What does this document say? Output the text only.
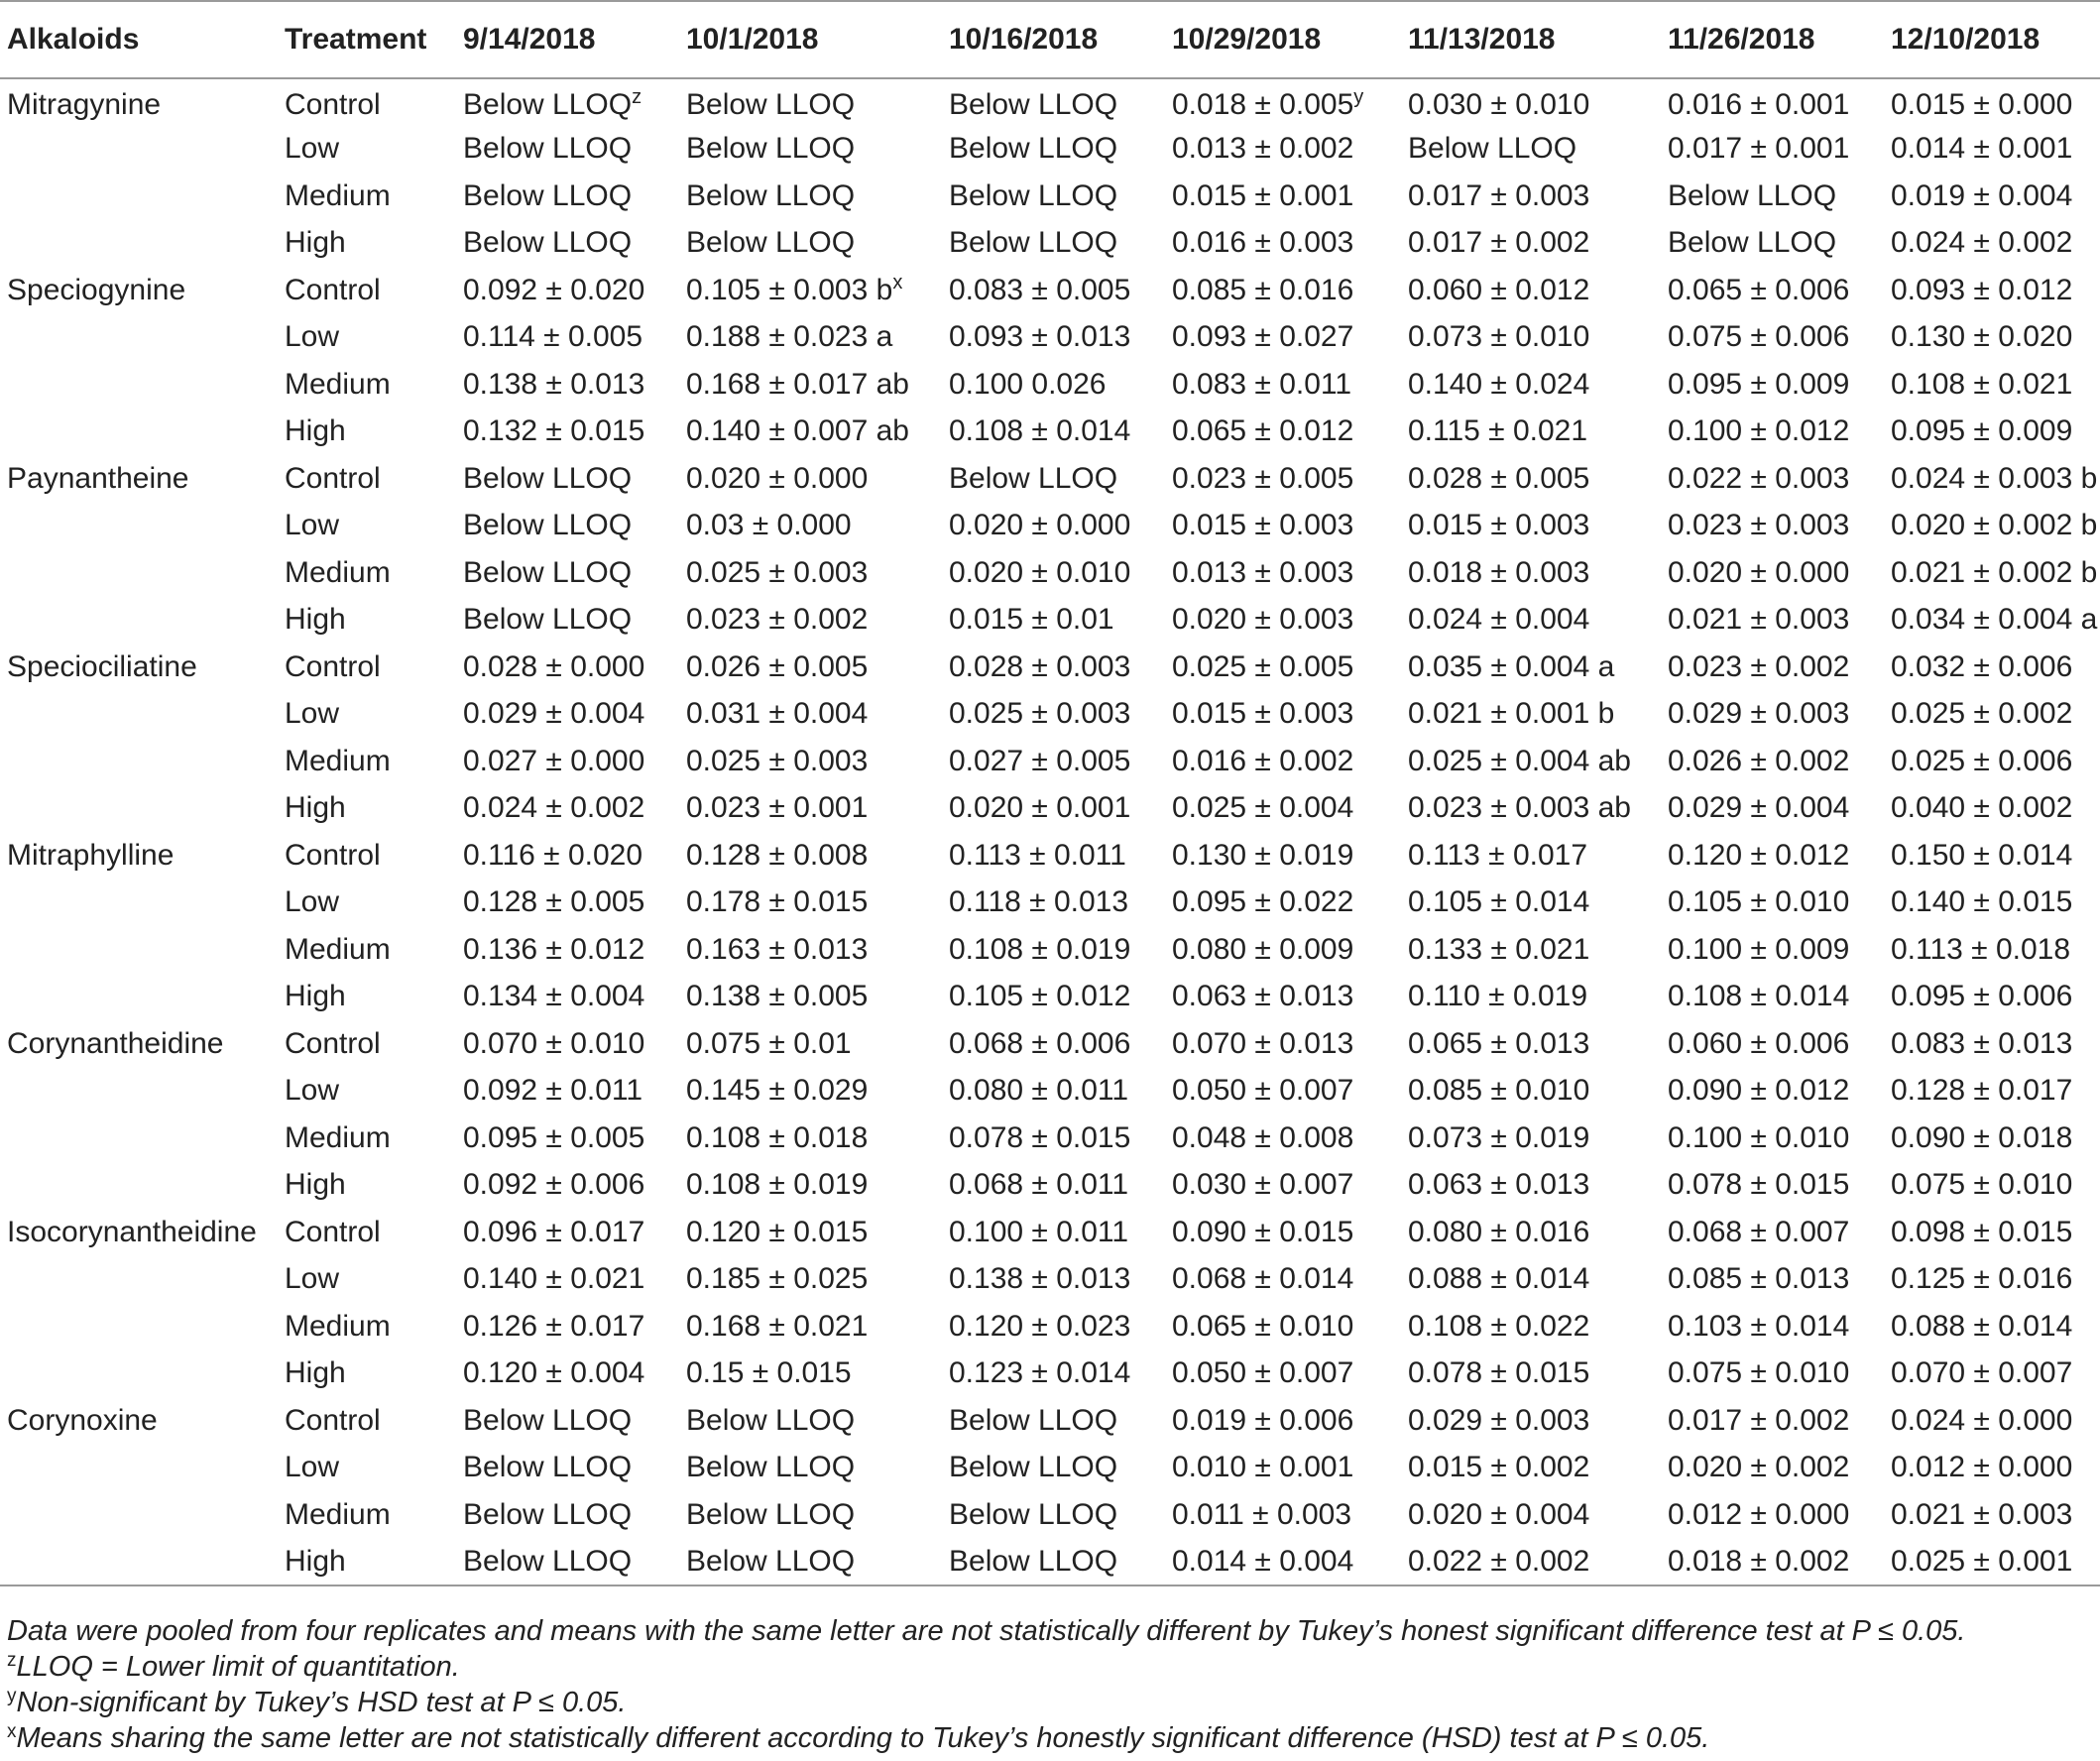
Alkaloids	Treatment	9/14/2018	10/1/2018	10/16/2018	10/29/2018	11/13/2018	11/26/2018	12/10/2018
Mitragynine	Control	Below LLOQ$^z$	Below LLOQ	Below LLOQ	$0.018 \pm 0.005^y$	0.030 ± 0.010	0.016 ± 0.001	0.015 ± 0.000
	Low	Below LLOQ	Below LLOQ	Below LLOQ	0.013 ± 0.002	Below LLOQ	0.017 ± 0.001	0.014 ± 0.001
	Medium	Below LLOQ	Below LLOQ	Below LLOQ	0.015 ± 0.001	0.017 ± 0.003	Below LLOQ	0.019 ± 0.004
	High	Below LLOQ	Below LLOQ	Below LLOQ	0.016 ± 0.003	0.017 ± 0.002	Below LLOQ	0.024 ± 0.002
Speciogynine	Control	0.092 ± 0.020	0.105 ± 0.003 $b^x$	0.083 ± 0.005	0.085 ± 0.016	0.060 ± 0.012	0.065 ± 0.006	0.093 ± 0.012
	Low	0.114 ± 0.005	0.188 ± 0.023 a	0.093 ± 0.013	0.093 ± 0.027	0.073 ± 0.010	0.075 ± 0.006	0.130 ± 0.020
	Medium	0.138 ± 0.013	0.168 ± 0.017 ab	0.100 0.026	0.083 ± 0.011	0.140 ± 0.024	0.095 ± 0.009	0.108 ± 0.021
	High	0.132 ± 0.015	0.140 ± 0.007 ab	0.108 ± 0.014	0.065 ± 0.012	0.115 ± 0.021	0.100 ± 0.012	0.095 ± 0.009
Paynantheine	Control	Below LLOQ	0.020 ± 0.000	Below LLOQ	0.023 ± 0.005	0.028 ± 0.005	0.022 ± 0.003	0.024 ± 0.003 b
	Low	Below LLOQ	0.03 ± 0.000	0.020 ± 0.000	0.015 ± 0.003	0.015 ± 0.003	0.023 ± 0.003	0.020 ± 0.002 b
	Medium	Below LLOQ	0.025 ± 0.003	0.020 ± 0.010	0.013 ± 0.003	0.018 ± 0.003	0.020 ± 0.000	0.021 ± 0.002 b
	High	Below LLOQ	0.023 ± 0.002	0.015 ± 0.01	0.020 ± 0.003	0.024 ± 0.004	0.021 ± 0.003	0.034 ± 0.004 a
Speciociliatine	Control	0.028 ± 0.000	0.026 ± 0.005	0.028 ± 0.003	0.025 ± 0.005	0.035 ± 0.004 a	0.023 ± 0.002	0.032 ± 0.006
	Low	0.029 ± 0.004	0.031 ± 0.004	0.025 ± 0.003	0.015 ± 0.003	0.021 ± 0.001 b	0.029 ± 0.003	0.025 ± 0.002
	Medium	0.027 ± 0.000	0.025 ± 0.003	0.027 ± 0.005	0.016 ± 0.002	0.025 ± 0.004 ab	0.026 ± 0.002	0.025 ± 0.006
	High	0.024 ± 0.002	0.023 ± 0.001	0.020 ± 0.001	0.025 ± 0.004	0.023 ± 0.003 ab	0.029 ± 0.004	0.040 ± 0.002
Mitraphylline	Control	0.116 ± 0.020	0.128 ± 0.008	0.113 ± 0.011	0.130 ± 0.019	0.113 ± 0.017	0.120 ± 0.012	0.150 ± 0.014
	Low	0.128 ± 0.005	0.178 ± 0.015	0.118 ± 0.013	0.095 ± 0.022	0.105 ± 0.014	0.105 ± 0.010	0.140 ± 0.015
	Medium	0.136 ± 0.012	0.163 ± 0.013	0.108 ± 0.019	0.080 ± 0.009	0.133 ± 0.021	0.100 ± 0.009	0.113 ± 0.018
	High	0.134 ± 0.004	0.138 ± 0.005	0.105 ± 0.012	0.063 ± 0.013	0.110 ± 0.019	0.108 ± 0.014	0.095 ± 0.006
Corynantheidine	Control	0.070 ± 0.010	0.075 ± 0.01	0.068 ± 0.006	0.070 ± 0.013	0.065 ± 0.013	0.060 ± 0.006	0.083 ± 0.013
	Low	0.092 ± 0.011	0.145 ± 0.029	0.080 ± 0.011	0.050 ± 0.007	0.085 ± 0.010	0.090 ± 0.012	0.128 ± 0.017
	Medium	0.095 ± 0.005	0.108 ± 0.018	0.078 ± 0.015	0.048 ± 0.008	0.073 ± 0.019	0.100 ± 0.010	0.090 ± 0.018
	High	0.092 ± 0.006	0.108 ± 0.019	0.068 ± 0.011	0.030 ± 0.007	0.063 ± 0.013	0.078 ± 0.015	0.075 ± 0.010
Isocorynantheidine	Control	0.096 ± 0.017	0.120 ± 0.015	0.100 ± 0.011	0.090 ± 0.015	0.080 ± 0.016	0.068 ± 0.007	0.098 ± 0.015
	Low	0.140 ± 0.021	0.185 ± 0.025	0.138 ± 0.013	0.068 ± 0.014	0.088 ± 0.014	0.085 ± 0.013	0.125 ± 0.016
	Medium	0.126 ± 0.017	0.168 ± 0.021	0.120 ± 0.023	0.065 ± 0.010	0.108 ± 0.022	0.103 ± 0.014	0.088 ± 0.014
	High	0.120 ± 0.004	0.15 ± 0.015	0.123 ± 0.014	0.050 ± 0.007	0.078 ± 0.015	0.075 ± 0.010	0.070 ± 0.007
Corynoxine	Control	Below LLOQ	Below LLOQ	Below LLOQ	0.019 ± 0.006	0.029 ± 0.003	0.017 ± 0.002	0.024 ± 0.000
	Low	Below LLOQ	Below LLOQ	Below LLOQ	0.010 ± 0.001	0.015 ± 0.002	0.020 ± 0.002	0.012 ± 0.000
	Medium	Below LLOQ	Below LLOQ	Below LLOQ	0.011 ± 0.003	0.020 ± 0.004	0.012 ± 0.000	0.021 ± 0.003
	High	Below LLOQ	Below LLOQ	Below LLOQ	0.014 ± 0.004	0.022 ± 0.002	0.018 ± 0.002	0.025 ± 0.001

Data were pooled from four replicates and means with the same letter are not statistically different by Tukey’s honest significant difference test at P ≤ 0.05.

$^z$LLOQ = Lower limit of quantitation.

$^y$Non-significant by Tukey’s HSD test at P ≤ 0.05.

$^x$Means sharing the same letter are not statistically different according to Tukey’s honestly significant difference (HSD) test at P ≤ 0.05.
